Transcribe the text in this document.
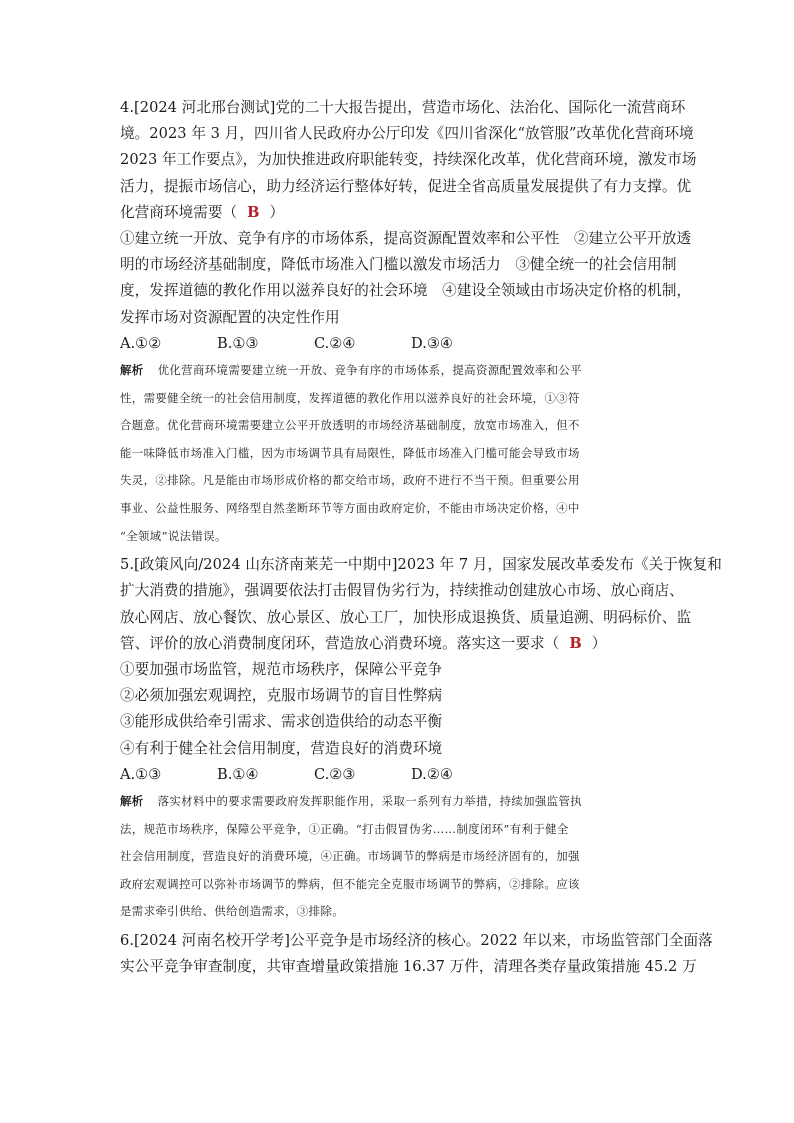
4.[2024 河北邢台测试]党的二十大报告提出，营造市场化、法治化、国际化一流营商环
境。2023 年 3 月，四川省人民政府办公厅印发《四川省深化“放管服”改革优化营商环境
2023 年工作要点》，为加快推进政府职能转变，持续深化改革，优化营商环境，激发市场
活力，提振市场信心，助力经济运行整体好转，促进全省高质量发展提供了有力支撑。优
化营商环境需要（ B ）
①建立统一开放、竞争有序的市场体系，提高资源配置效率和公平性　②建立公平开放透
明的市场经济基础制度，降低市场准入门槛以激发市场活力　③健全统一的社会信用制
度，发挥道德的教化作用以滋养良好的社会环境　④建设全领域由市场决定价格的机制，
发挥市场对资源配置的决定性作用
A.①②	B.①③	C.②④	D.③④
解析 优化营商环境需要建立统一开放、竞争有序的市场体系，提高资源配置效率和公平
性，需要健全统一的社会信用制度，发挥道德的教化作用以滋养良好的社会环境，①③符
合题意。优化营商环境需要建立公平开放透明的市场经济基础制度，放宽市场准入，但不
能一味降低市场准入门槛，因为市场调节具有局限性，降低市场准入门槛可能会导致市场
失灵，②排除。凡是能由市场形成价格的都交给市场，政府不进行不当干预。但重要公用
事业、公益性服务、网络型自然垄断环节等方面由政府定价，不能由市场决定价格，④中
“全领域”说法错误。
5.[政策风向/2024 山东济南莱芜一中期中]2023 年 7 月，国家发展改革委发布《关于恢复和
扩大消费的措施》，强调要依法打击假冒伪劣行为，持续推动创建放心市场、放心商店、
放心网店、放心餐饮、放心景区、放心工厂，加快形成退换货、质量追溯、明码标价、监
管、评价的放心消费制度闭环，营造放心消费环境。落实这一要求（ B ）
①要加强市场监管，规范市场秩序，保障公平竞争
②必须加强宏观调控，克服市场调节的盲目性弊病
③能形成供给牵引需求、需求创造供给的动态平衡
④有利于健全社会信用制度，营造良好的消费环境
A.①③	B.①④	C.②③	D.②④
解析 落实材料中的要求需要政府发挥职能作用，采取一系列有力举措，持续加强监管执
法，规范市场秩序，保障公平竞争，①正确。“打击假冒伪劣……制度闭环”有利于健全
社会信用制度，营造良好的消费环境，④正确。市场调节的弊病是市场经济固有的，加强
政府宏观调控可以弥补市场调节的弊病，但不能完全克服市场调节的弊病，②排除。应该
是需求牵引供给、供给创造需求，③排除。
6.[2024 河南名校开学考]公平竞争是市场经济的核心。2022 年以来，市场监管部门全面落
实公平竞争审查制度，共审查增量政策措施 16.37 万件，清理各类存量政策措施 45.2 万
